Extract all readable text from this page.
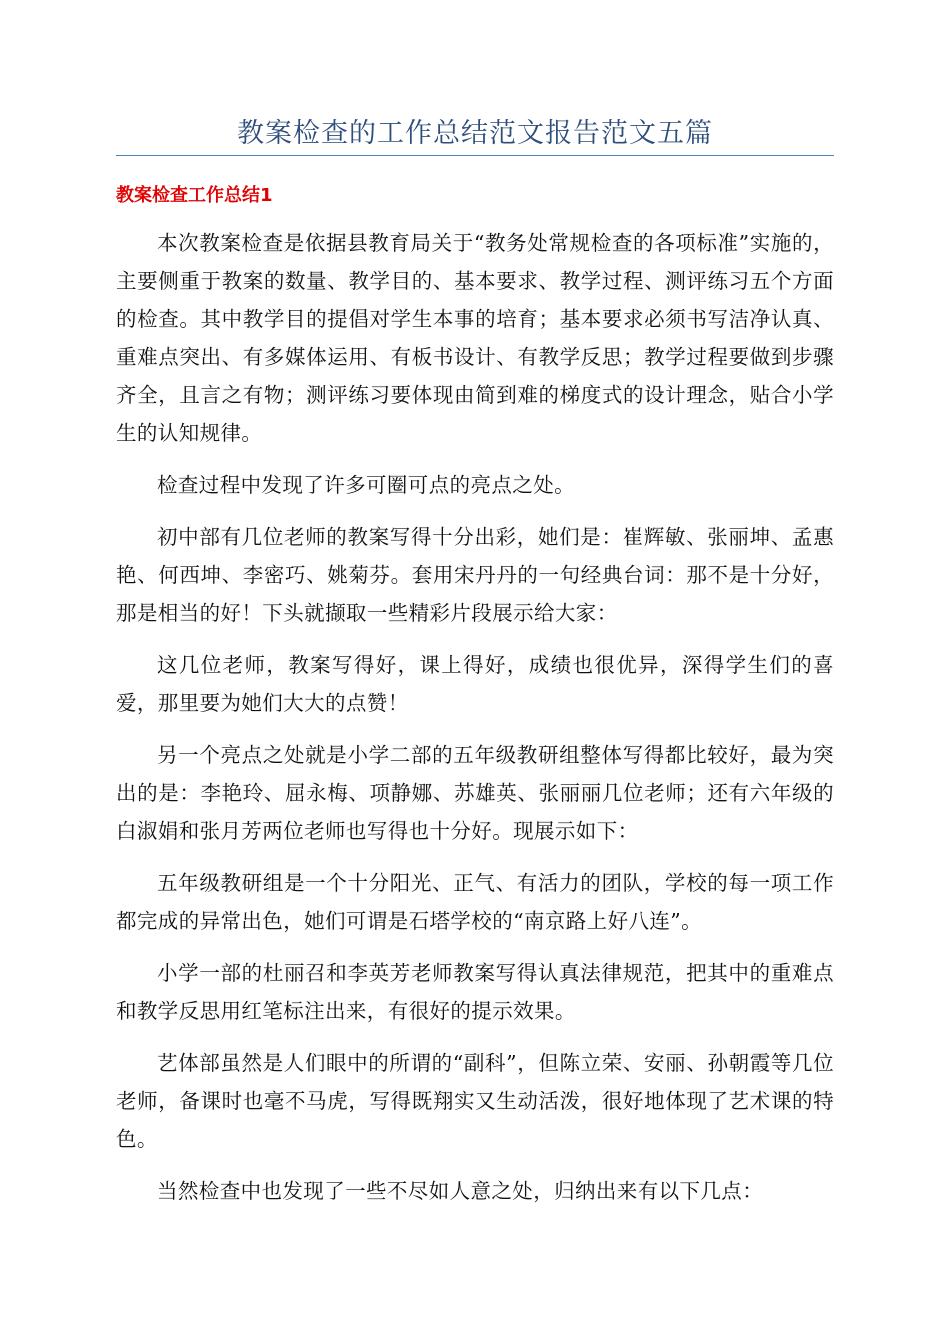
教案检查的工作总结范文报告范文五篇
教案检查工作总结1

本次教案检查是依据县教育局关于“教务处常规检查的各项标准”实施的，主要侧重于教案的数量、教学目的、基本要求、教学过程、测评练习五个方面的检查。其中教学目的提倡对学生本事的培育；基本要求必须书写洁净认真、重难点突出、有多媒体运用、有板书设计、有教学反思；教学过程要做到步骤齐全，且言之有物；测评练习要体现由简到难的梯度式的设计理念，贴合小学生的认知规律。

检查过程中发现了许多可圈可点的亮点之处。

初中部有几位老师的教案写得十分出彩，她们是：崔辉敏、张丽坤、孟惠艳、何西坤、李密巧、姚菊芬。套用宋丹丹的一句经典台词：那不是十分好，那是相当的好！下头就撷取一些精彩片段展示给大家：

这几位老师，教案写得好，课上得好，成绩也很优异，深得学生们的喜爱，那里要为她们大大的点赞！

另一个亮点之处就是小学二部的五年级教研组整体写得都比较好，最为突出的是：李艳玲、屈永梅、项静娜、苏雄英、张丽丽几位老师；还有六年级的白淑娟和张月芳两位老师也写得也十分好。现展示如下：

五年级教研组是一个十分阳光、正气、有活力的团队，学校的每一项工作都完成的异常出色，她们可谓是石塔学校的“南京路上好八连”。

小学一部的杜丽召和李英芳老师教案写得认真法律规范，把其中的重难点和教学反思用红笔标注出来，有很好的提示效果。

艺体部虽然是人们眼中的所谓的“副科”，但陈立荣、安丽、孙朝霞等几位老师，备课时也毫不马虎，写得既翔实又生动活泼，很好地体现了艺术课的特色。

当然检查中也发现了一些不尽如人意之处，归纳出来有以下几点：
